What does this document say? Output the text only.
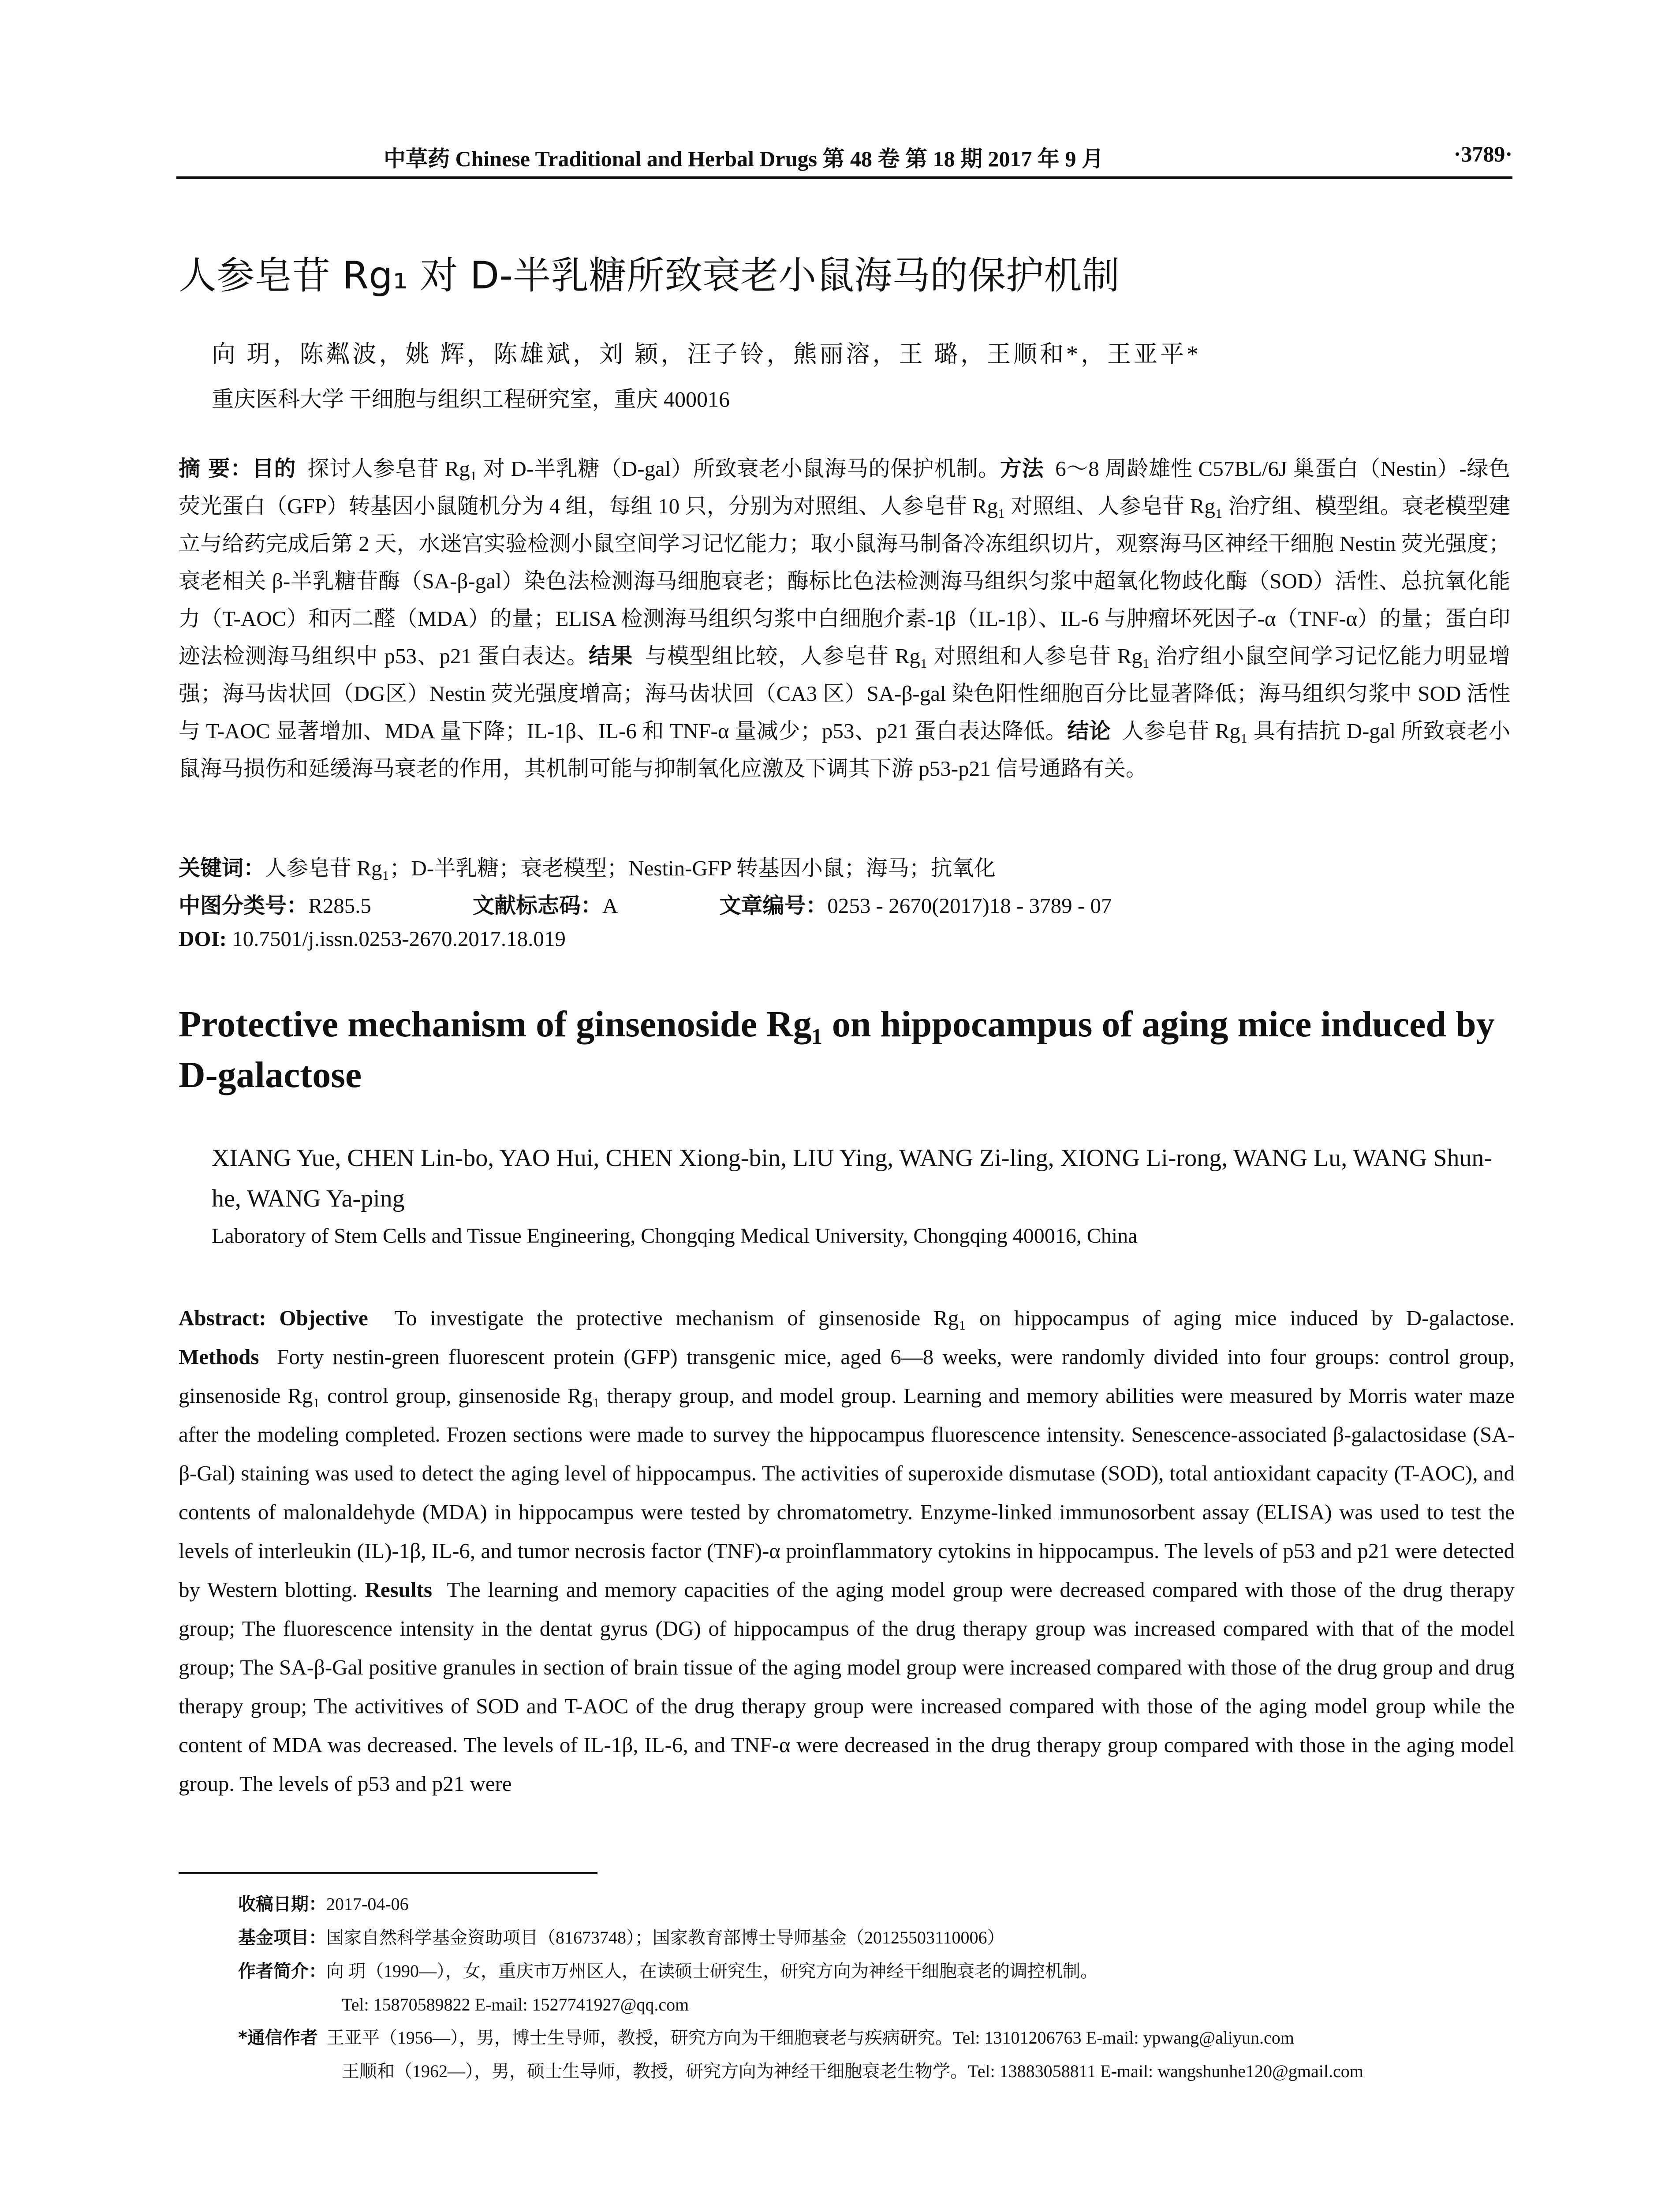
中草药 Chinese Traditional and Herbal Drugs 第 48 卷 第 18 期 2017 年 9 月	·3789·
人参皂苷 Rg₁ 对 D-半乳糖所致衰老小鼠海马的保护机制
向 玥，陈粼波，姚 辉，陈雄斌，刘 颖，汪子铃，熊丽溶，王 璐，王顺和*，王亚平*
重庆医科大学 干细胞与组织工程研究室，重庆 400016
摘 要：目的 探讨人参皂苷 Rg₁ 对 D-半乳糖（D-gal）所致衰老小鼠海马的保护机制。方法 6～8 周龄雄性 C57BL/6J 巢蛋白（Nestin）-绿色荧光蛋白（GFP）转基因小鼠随机分为 4 组，每组 10 只，分别为对照组、人参皂苷 Rg₁ 对照组、人参皂苷 Rg₁ 治疗组、模型组。衰老模型建立与给药完成后第 2 天，水迷宫实验检测小鼠空间学习记忆能力；取小鼠海马制备冷冻组织切片，观察海马区神经干细胞 Nestin 荧光强度；衰老相关 β-半乳糖苷酶（SA-β-gal）染色法检测海马细胞衰老；酶标比色法检测海马组织匀浆中超氧化物歧化酶（SOD）活性、总抗氧化能力（T-AOC）和丙二醛（MDA）的量；ELISA 检测海马组织匀浆中白细胞介素-1β（IL-1β）、IL-6 与肿瘤坏死因子-α（TNF-α）的量；蛋白印迹法检测海马组织中 p53、p21 蛋白表达。结果 与模型组比较，人参皂苷 Rg₁ 对照组和人参皂苷 Rg₁ 治疗组小鼠空间学习记忆能力明显增强；海马齿状回（DG区）Nestin 荧光强度增高；海马齿状回（CA3 区）SA-β-gal 染色阳性细胞百分比显著降低；海马组织匀浆中 SOD 活性与 T-AOC 显著增加、MDA 量下降；IL-1β、IL-6 和 TNF-α 量减少；p53、p21 蛋白表达降低。结论 人参皂苷 Rg₁ 具有拮抗 D-gal 所致衰老小鼠海马损伤和延缓海马衰老的作用，其机制可能与抑制氧化应激及下调其下游 p53-p21 信号通路有关。
关键词：人参皂苷 Rg₁；D-半乳糖；衰老模型；Nestin-GFP 转基因小鼠；海马；抗氧化
中图分类号：R285.5	文献标志码：A	文章编号：0253 - 2670(2017)18 - 3789 - 07
DOI: 10.7501/j.issn.0253-2670.2017.18.019
Protective mechanism of ginsenoside Rg₁ on hippocampus of aging mice induced by D-galactose
XIANG Yue, CHEN Lin-bo, YAO Hui, CHEN Xiong-bin, LIU Ying, WANG Zi-ling, XIONG Li-rong, WANG Lu, WANG Shun-he, WANG Ya-ping
Laboratory of Stem Cells and Tissue Engineering, Chongqing Medical University, Chongqing 400016, China
Abstract: Objective To investigate the protective mechanism of ginsenoside Rg₁ on hippocampus of aging mice induced by D-galactose. Methods Forty nestin-green fluorescent protein (GFP) transgenic mice, aged 6—8 weeks, were randomly divided into four groups: control group, ginsenoside Rg₁ control group, ginsenoside Rg₁ therapy group, and model group. Learning and memory abilities were measured by Morris water maze after the modeling completed. Frozen sections were made to survey the hippocampus fluorescence intensity. Senescence-associated β-galactosidase (SA-β-Gal) staining was used to detect the aging level of hippocampus. The activities of superoxide dismutase (SOD), total antioxidant capacity (T-AOC), and contents of malonaldehyde (MDA) in hippocampus were tested by chromatometry. Enzyme-linked immunosorbent assay (ELISA) was used to test the levels of interleukin (IL)-1β, IL-6, and tumor necrosis factor (TNF)-α proinflammatory cytokins in hippocampus. The levels of p53 and p21 were detected by Western blotting. Results The learning and memory capacities of the aging model group were decreased compared with those of the drug therapy group; The fluorescence intensity in the dentat gyrus (DG) of hippocampus of the drug therapy group was increased compared with that of the model group; The SA-β-Gal positive granules in section of brain tissue of the aging model group were increased compared with those of the drug group and drug therapy group; The activitives of SOD and T-AOC of the drug therapy group were increased compared with those of the aging model group while the content of MDA was decreased. The levels of IL-1β, IL-6, and TNF-α were decreased in the drug therapy group compared with those in the aging model group. The levels of p53 and p21 were
收稿日期：2017-04-06
基金项目：国家自然科学基金资助项目（81673748）；国家教育部博士导师基金（20125503110006）
作者简介：向 玥（1990—），女，重庆市万州区人，在读硕士研究生，研究方向为神经干细胞衰老的调控机制。
Tel: 15870589822 E-mail: 1527741927@qq.com
*通信作者 王亚平（1956—），男，博士生导师，教授，研究方向为干细胞衰老与疾病研究。Tel: 13101206763 E-mail: ypwang@aliyun.com
王顺和（1962—），男，硕士生导师，教授，研究方向为神经干细胞衰老生物学。Tel: 13883058811 E-mail: wangshunhe120@gmail.com
